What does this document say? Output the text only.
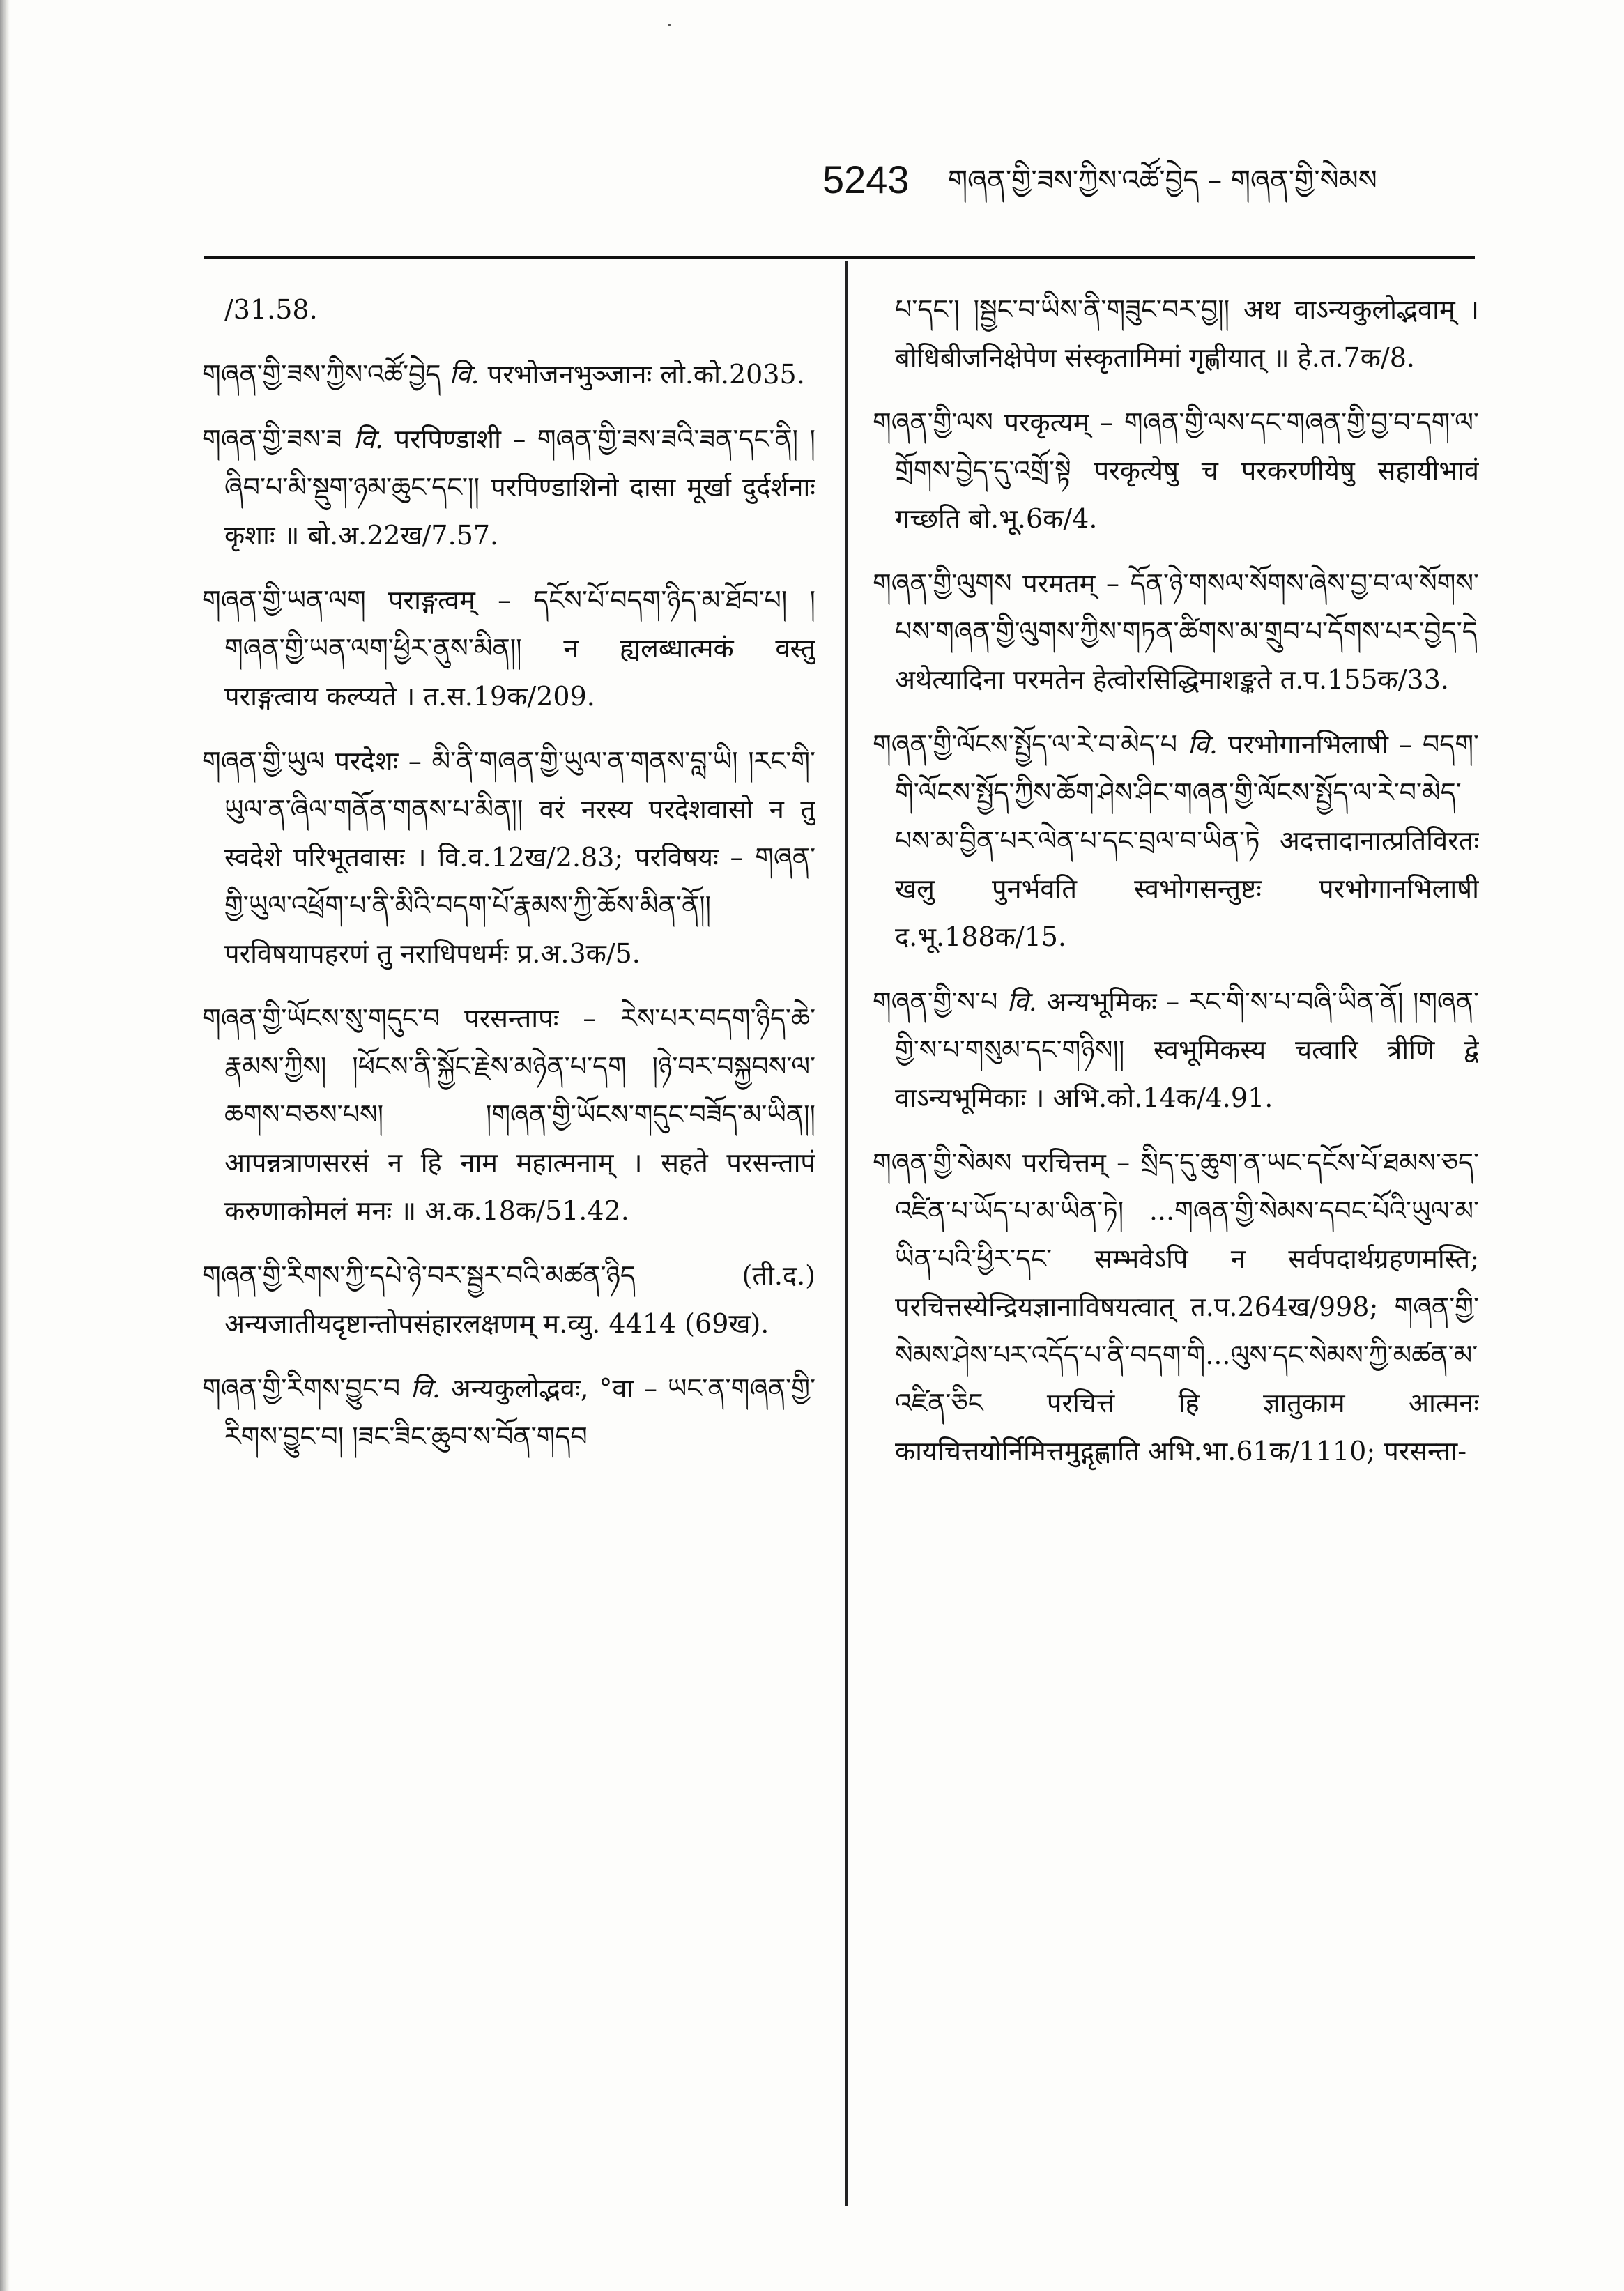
5243 གཞན་གྱི་ཟས་ཀྱིས་འཚོ་བྱེད – གཞན་གྱི་སེམས

/31.58.

གཞན་གྱི་ཟས་ཀྱིས་འཚོ་བྱེད वि. परभोजनभुञ्जानः लो.को.2035.

གཞན་གྱི་ཟས་ཟ वि. परपिण्डाशी – གཞན་གྱི་ཟས་ཟའི་ཟན་དང་ནི། །ཞིབ་པ་མི་སྡུག་ཉམ་ཆུང་དང་།། परपिण्डाशिनो दासा मूर्खा दुर्दर्शनाः कृशाः ॥ बो.अ.22ख/7.57.

གཞན་གྱི་ཡན་ལག पराङ्गत्वम् – དངོས་པོ་བདག་ཉིད་མ་ཐོབ་པ། །གཞན་གྱི་ཡན་ལག་ཕྱིར་ནུས་མིན།། न ह्यलब्धात्मकं वस्तु पराङ्गत्वाय कल्प्यते । त.स.19क/209.

གཞན་གྱི་ཡུལ परदेशः – མི་ནི་གཞན་གྱི་ཡུལ་ན་གནས་བླ་ཡི། །རང་གི་ཡུལ་ན་ཞིལ་གནོན་གནས་པ་མིན།། वरं नरस्य परदेशवासो न तु स्वदेशे परिभूतवासः । वि.व.12ख/2.83; परविषयः – གཞན་གྱི་ཡུལ་འཕྲོག་པ་ནི་མིའི་བདག་པོ་རྣམས་ཀྱི་ཆོས་མིན་ནོ།། परविषयापहरणं तु नराधिपधर्मः प्र.अ.3क/5.

གཞན་གྱི་ཡོངས་སུ་གདུང་བ परसन्तापः – རེས་པར་བདག་ཉིད་ཆེ་རྣམས་ཀྱིས། །ཕོངས་ནི་སྐྱོང་རྗེས་མཉེན་པ་དག །ཉེ་བར་བསྐྱབས་ལ་ཆགས་བཅས་པས། །གཞན་གྱི་ཡོངས་གདུང་བཟོད་མ་ཡིན།། आपन्नत्राणसरसं न हि नाम महात्मनाम् । सहते परसन्तापं करुणाकोमलं मनः ॥ अ.क.18क/51.42.

གཞན་གྱི་རིགས་ཀྱི་དཔེ་ཉེ་བར་སྦྱར་བའི་མཚན་ཉིད	(ती.द.) अन्यजातीयदृष्टान्तोपसंहारलक्षणम् म.व्यु. 4414 (69ख).

གཞན་གྱི་རིགས་བྱུང་བ वि. अन्यकुलोद्भवः, °वा – ཡང་ན་གཞན་གྱི་རིགས་བྱུང་བ། །ཟང་ཟིང་ཆུབ་ས་བོན་གདབ

པ་དང་། །སྦྱང་བ་ཡིས་ནི་གཟུང་བར་བྱ།། अथ वाऽन्यकुलोद्भवाम् । बोधिबीजनिक्षेपेण संस्कृतामिमां गृह्णीयात् ॥ हे.त.7क/8.

གཞན་གྱི་ལས परकृत्यम् – གཞན་གྱི་ལས་དང་གཞན་གྱི་བྱ་བ་དག་ལ་གྲོགས་བྱེད་དུ་འགྲོ་སྟེ परकृत्येषु च परकरणीयेषु सहायीभावं गच्छति बो.भू.6क/4.

གཞན་གྱི་ལུགས परमतम् – དོན་ཉེ་གསལ་སོགས་ཞེས་བྱ་བ་ལ་སོགས་པས་གཞན་གྱི་ལུགས་ཀྱིས་གཏན་ཚིགས་མ་གྲུབ་པ་དོགས་པར་བྱེད་དེ अथेत्यादिना परमतेन हेत्वोरसिद्धिमाशङ्कते त.प.155क/33.

གཞན་གྱི་ལོངས་སྤྱོད་ལ་རེ་བ་མེད་པ वि. परभोगानभिलाषी – བདག་གི་ལོངས་སྤྱོད་ཀྱིས་ཆོག་ཤེས་ཤིང་གཞན་གྱི་ལོངས་སྤྱོད་ལ་རེ་བ་མེད་པས་མ་བྱིན་པར་ལེན་པ་དང་བྲལ་བ་ཡིན་ཏེ अदत्तादानात्प्रतिविरतः खलु पुनर्भवति स्वभोगसन्तुष्टः परभोगानभिलाषी द.भू.188क/15.

གཞན་གྱི་ས་པ वि. अन्यभूमिकः – རང་གི་ས་པ་བཞི་ཡིན་ནོ། །གཞན་གྱི་ས་པ་གསུམ་དང་གཉིས།། स्वभूमिकस्य चत्वारि त्रीणि द्वे वाऽन्यभूमिकाः । अभि.को.14क/4.91.

གཞན་གྱི་སེམས परचित्तम् – སྲིད་དུ་ཆུག་ན་ཡང་དངོས་པོ་ཐམས་ཅད་འཛིན་པ་ཡོད་པ་མ་ཡིན་ཏེ། ...གཞན་གྱི་སེམས་དབང་པོའི་ཡུལ་མ་ཡིན་པའི་ཕྱིར་དང་ सम्भवेऽपि न सर्वपदार्थग्रहणमस्ति; परचित्तस्येन्द्रियज्ञानाविषयत्वात् त.प.264ख/998; གཞན་གྱི་སེམས་ཤེས་པར་འདོད་པ་ནི་བདག་གི...ལུས་དང་སེམས་ཀྱི་མཚན་མ་འཛིན་ཅིང परचित्तं हि ज्ञातुकाम आत्मनः कायचित्तयोर्निमित्तमुद्गृह्णाति अभि.भा.61क/1110; परसन्ता-
